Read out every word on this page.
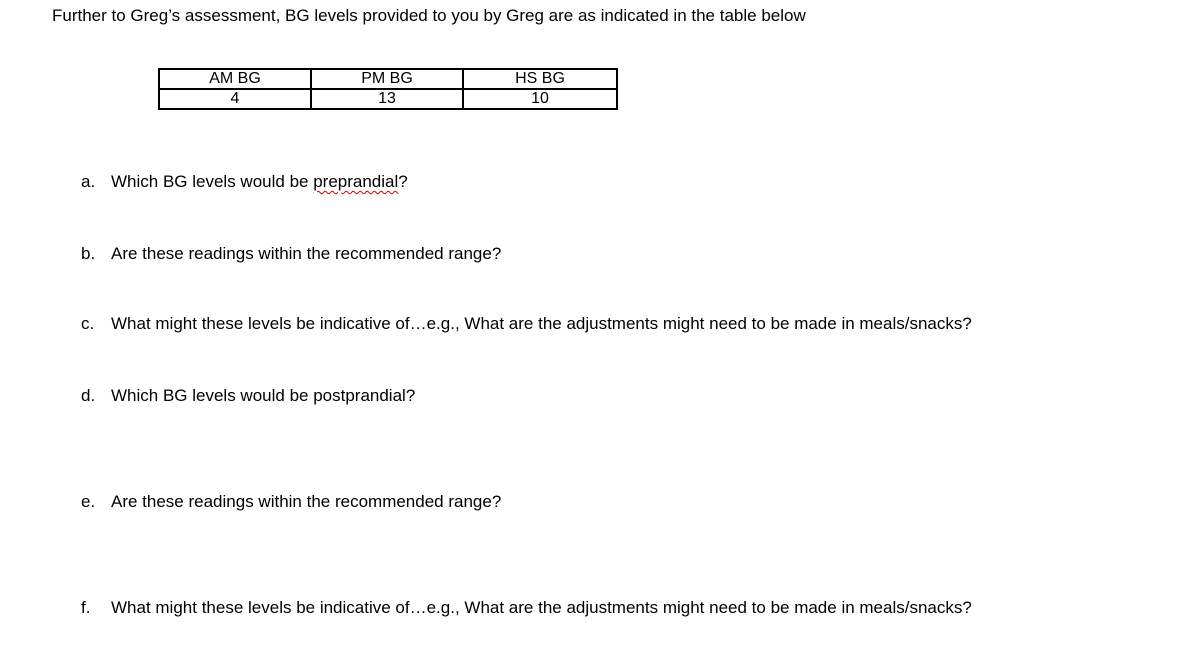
Further to Greg’s assessment, BG levels provided to you by Greg are as indicated in the table below
AM BG	PM BG	HS BG
4	13	10
a. Which BG levels would be preprandial?
b. Are these readings within the recommended range?
c. What might these levels be indicative of…e.g., What are the adjustments might need to be made in meals/snacks?
d. Which BG levels would be postprandial?
e. Are these readings within the recommended range?
f. What might these levels be indicative of…e.g., What are the adjustments might need to be made in meals/snacks?
